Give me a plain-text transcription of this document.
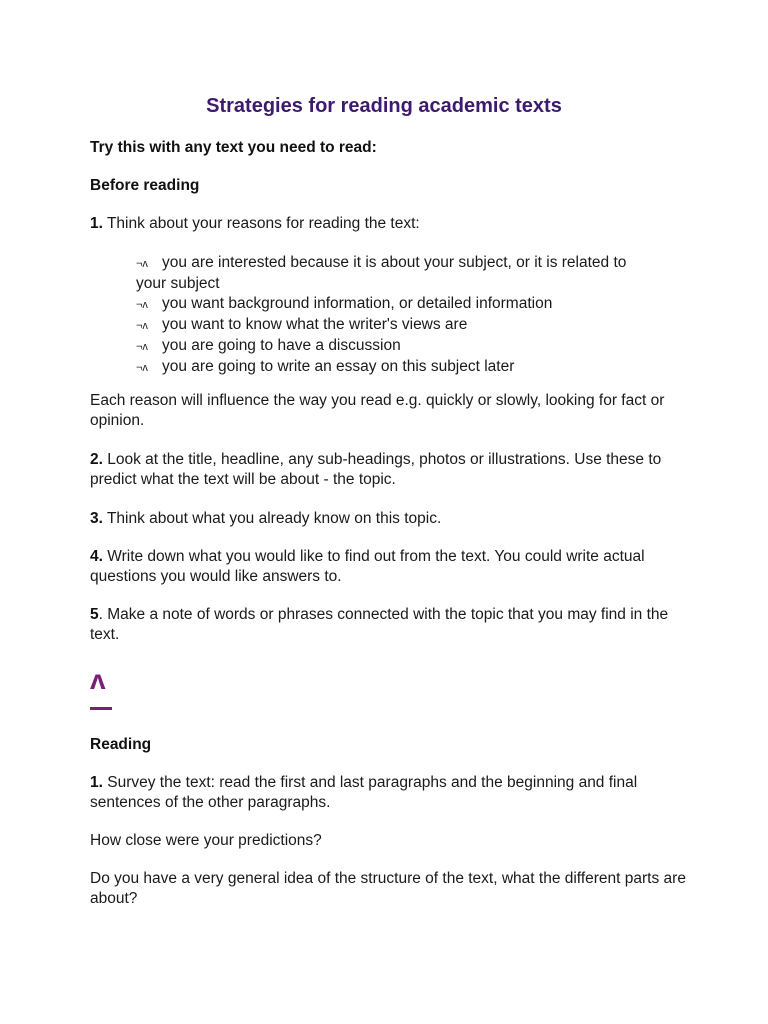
Strategies for reading academic texts
Try this with any text you need to read:
Before reading
1. Think about your reasons for reading the text:
¬ʌ you are interested because it is about your subject, or it is related to
your subject
¬ʌ you want background information, or detailed information
¬ʌ you want to know what the writer's views are
¬ʌ you are going to have a discussion
¬ʌ you are going to write an essay on this subject later
Each reason will influence the way you read e.g. quickly or slowly, looking for fact or opinion.
2. Look at the title, headline, any sub-headings, photos or illustrations. Use these to predict what the text will be about - the topic.
3. Think about what you already know on this topic.
4. Write down what you would like to find out from the text. You could write actual questions you would like answers to.
5. Make a note of words or phrases connected with the topic that you may find in the text.
ʌ
Reading
1. Survey the text: read the first and last paragraphs and the beginning and final sentences of the other paragraphs.
How close were your predictions?
Do you have a very general idea of the structure of the text, what the different parts are about?
